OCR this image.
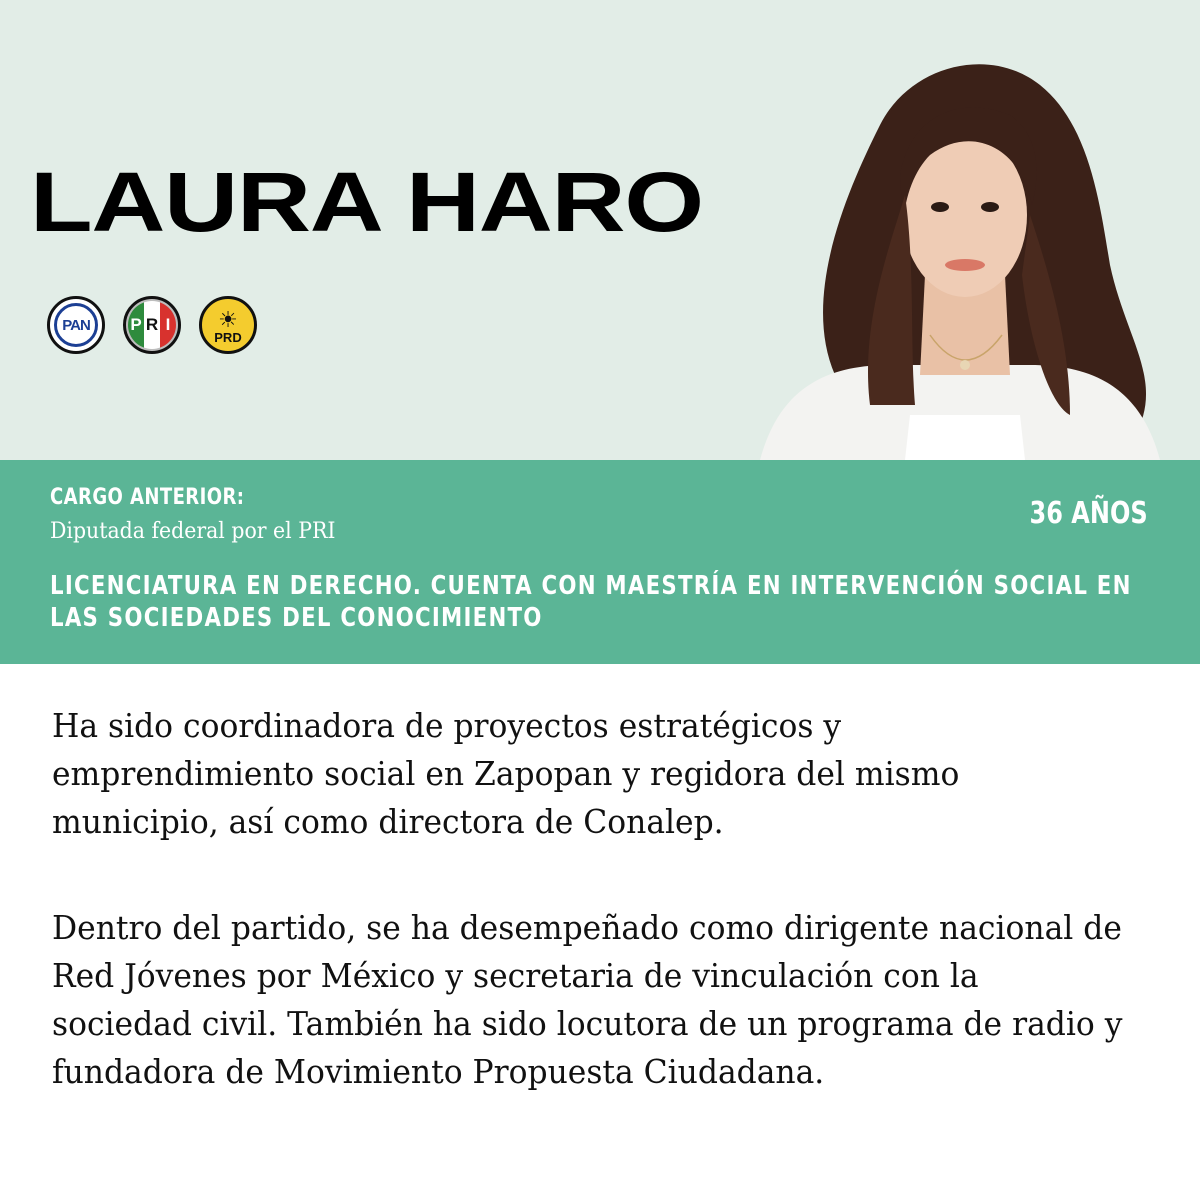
LAURA HARO
PAN	P R I ☀
PRD
CARGO ANTERIOR:
Diputada federal por el PRI
36 AÑOS
LICENCIATURA EN DERECHO. CUENTA CON MAESTRÍA EN INTERVENCIÓN SOCIAL EN LAS SOCIEDADES DEL CONOCIMIENTO

Ha sido coordinadora de proyectos estratégicos y emprendimiento social en Zapopan y regidora del mismo municipio, así como directora de Conalep.

Dentro del partido, se ha desempeñado como dirigente nacional de Red Jóvenes por México y secretaria de vinculación con la sociedad civil. También ha sido locutora de un programa de radio y fundadora de Movimiento Propuesta Ciudadana.
